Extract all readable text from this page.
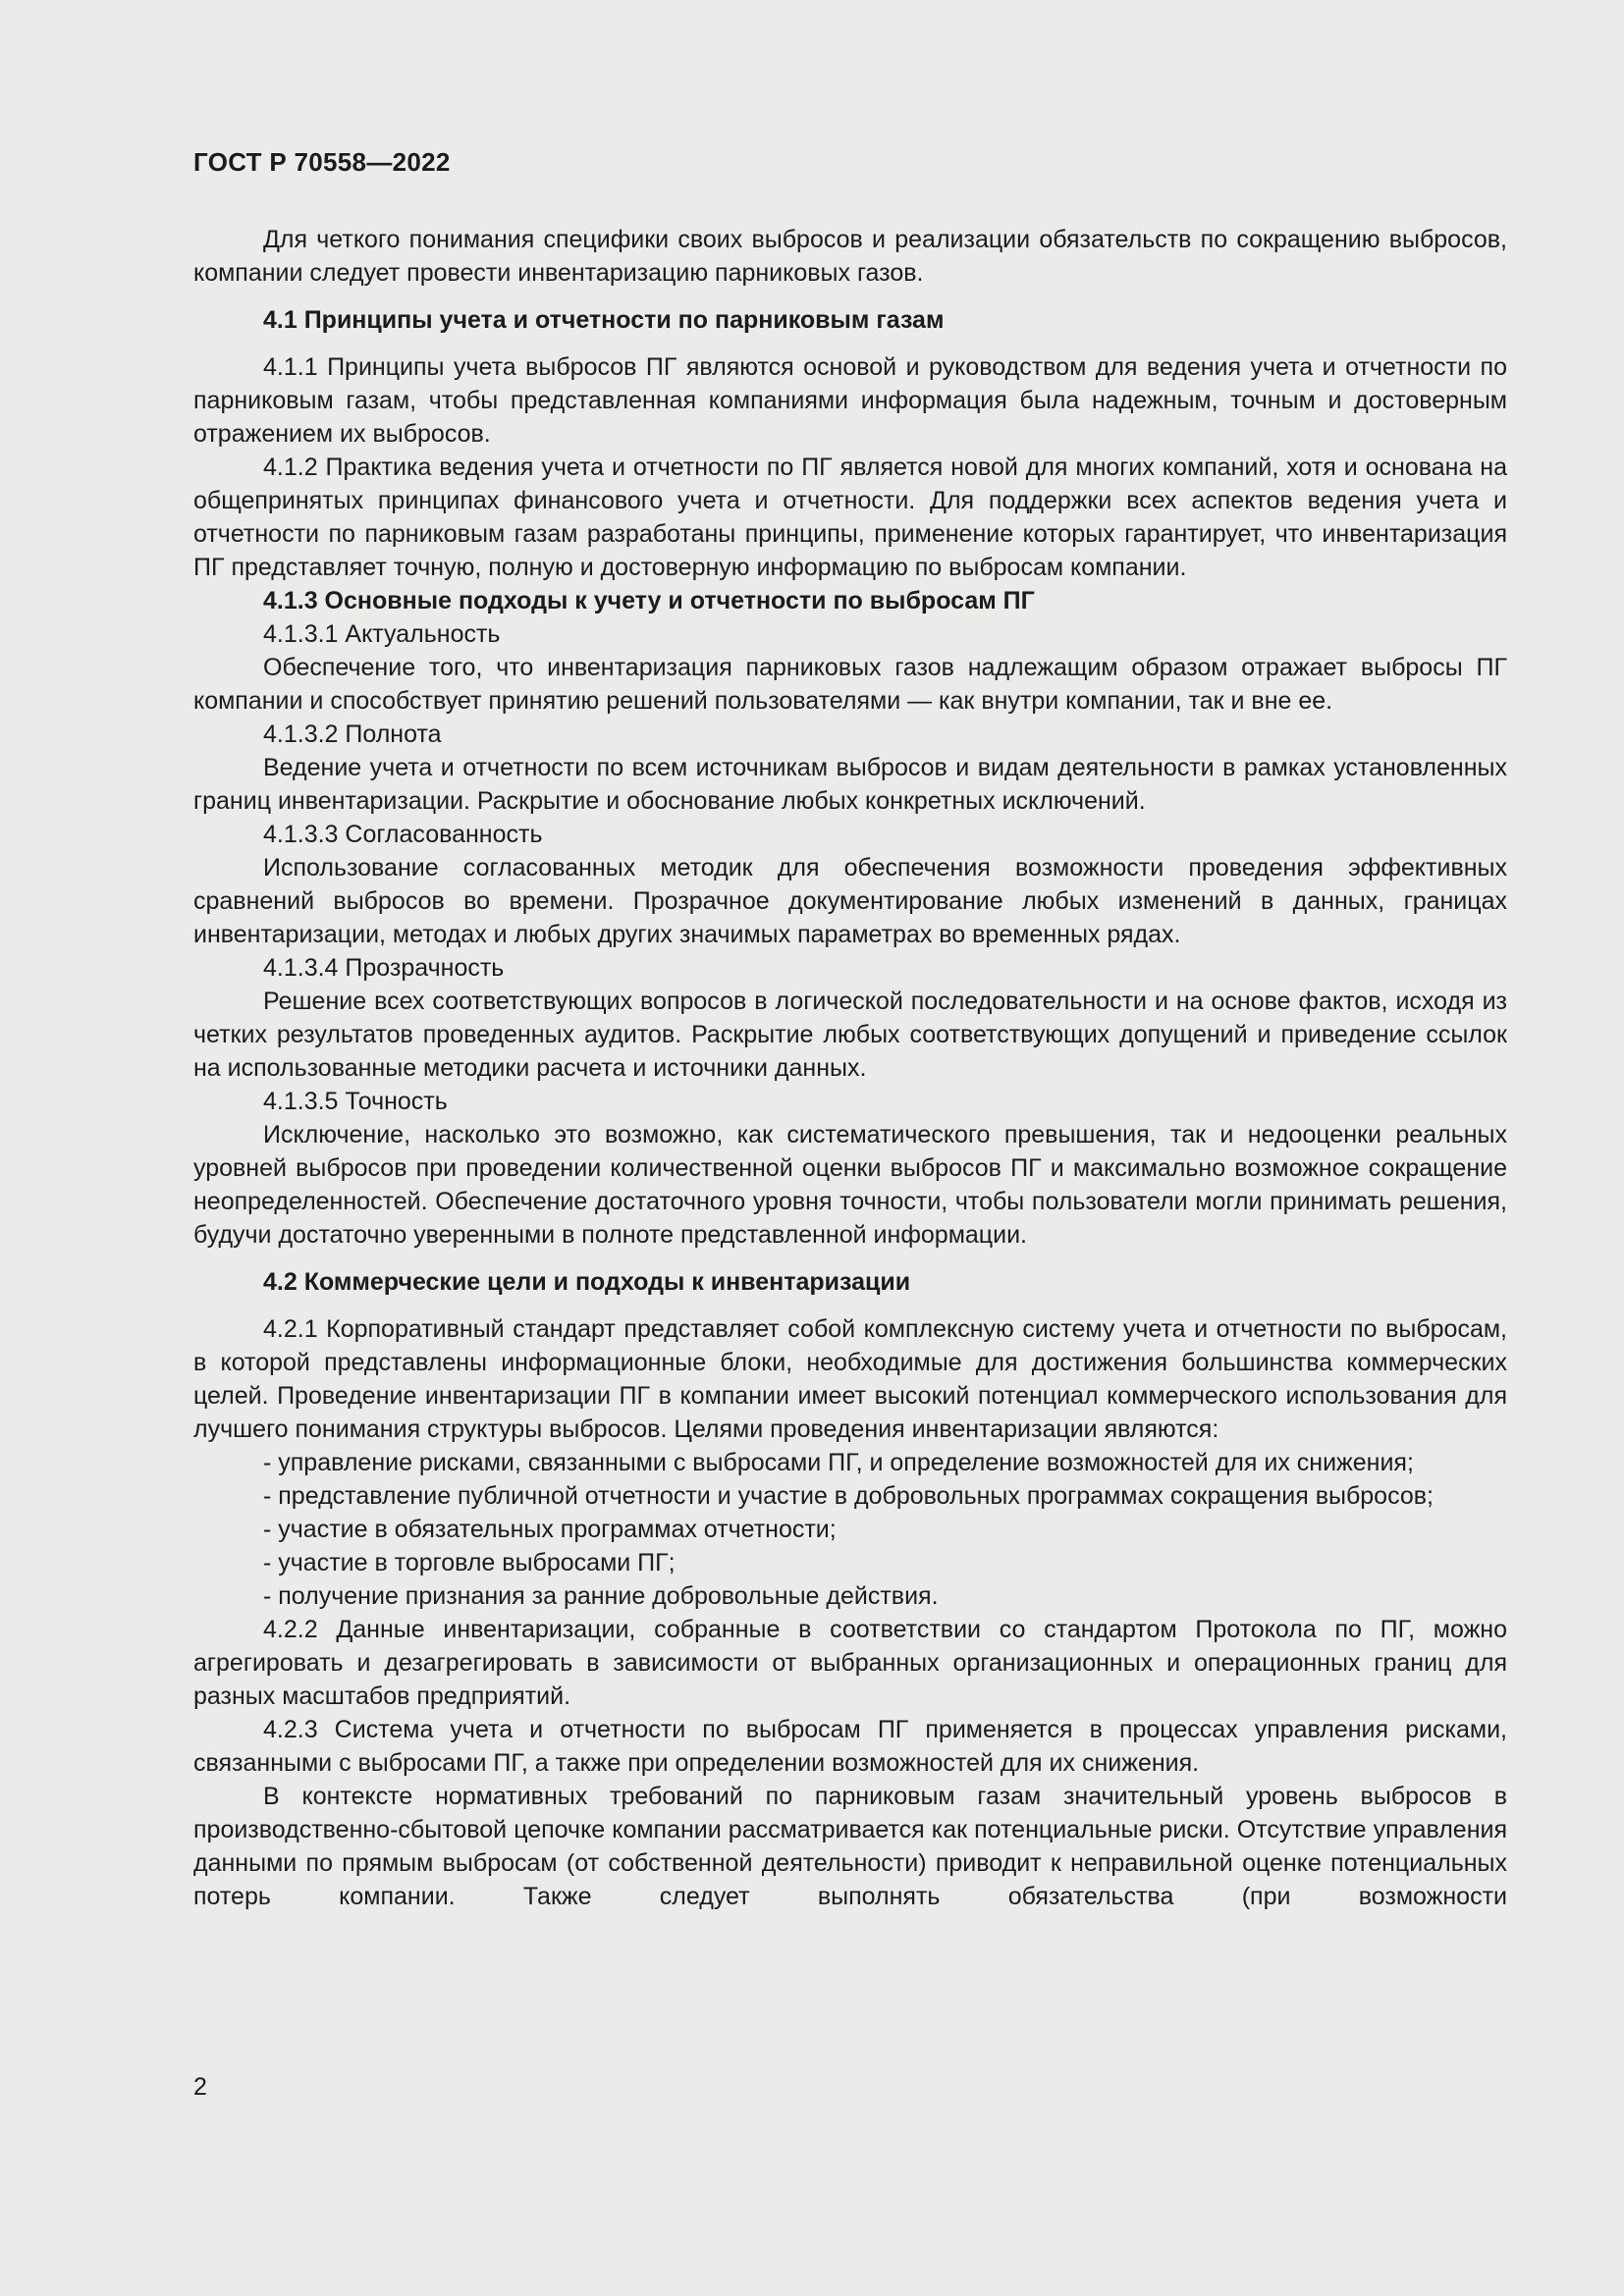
ГОСТ Р 70558—2022

Для четкого понимания специфики своих выбросов и реализации обязательств по сокращению выбросов, компании следует провести инвентаризацию парниковых газов.

4.1 Принципы учета и отчетности по парниковым газам

4.1.1 Принципы учета выбросов ПГ являются основой и руководством для ведения учета и отчетности по парниковым газам, чтобы представленная компаниями информация была надежным, точным и достоверным отражением их выбросов.

4.1.2 Практика ведения учета и отчетности по ПГ является новой для многих компаний, хотя и основана на общепринятых принципах финансового учета и отчетности. Для поддержки всех аспектов ведения учета и отчетности по парниковым газам разработаны принципы, применение которых гарантирует, что инвентаризация ПГ представляет точную, полную и достоверную информацию по выбросам компании.

4.1.3 Основные подходы к учету и отчетности по выбросам ПГ

4.1.3.1 Актуальность

Обеспечение того, что инвентаризация парниковых газов надлежащим образом отражает выбросы ПГ компании и способствует принятию решений пользователями — как внутри компании, так и вне ее.

4.1.3.2 Полнота

Ведение учета и отчетности по всем источникам выбросов и видам деятельности в рамках установленных границ инвентаризации. Раскрытие и обоснование любых конкретных исключений.

4.1.3.3 Согласованность

Использование согласованных методик для обеспечения возможности проведения эффективных сравнений выбросов во времени. Прозрачное документирование любых изменений в данных, границах инвентаризации, методах и любых других значимых параметрах во временных рядах.

4.1.3.4 Прозрачность

Решение всех соответствующих вопросов в логической последовательности и на основе фактов, исходя из четких результатов проведенных аудитов. Раскрытие любых соответствующих допущений и приведение ссылок на использованные методики расчета и источники данных.

4.1.3.5 Точность

Исключение, насколько это возможно, как систематического превышения, так и недооценки реальных уровней выбросов при проведении количественной оценки выбросов ПГ и максимально возможное сокращение неопределенностей. Обеспечение достаточного уровня точности, чтобы пользователи могли принимать решения, будучи достаточно уверенными в полноте представленной информации.

4.2 Коммерческие цели и подходы к инвентаризации

4.2.1 Корпоративный стандарт представляет собой комплексную систему учета и отчетности по выбросам, в которой представлены информационные блоки, необходимые для достижения большинства коммерческих целей. Проведение инвентаризации ПГ в компании имеет высокий потенциал коммерческого использования для лучшего понимания структуры выбросов. Целями проведения инвентаризации являются:

- управление рисками, связанными с выбросами ПГ, и определение возможностей для их снижения;

- представление публичной отчетности и участие в добровольных программах сокращения выбросов;

- участие в обязательных программах отчетности;

- участие в торговле выбросами ПГ;

- получение признания за ранние добровольные действия.

4.2.2 Данные инвентаризации, собранные в соответствии со стандартом Протокола по ПГ, можно агрегировать и дезагрегировать в зависимости от выбранных организационных и операционных границ для разных масштабов предприятий.

4.2.3 Система учета и отчетности по выбросам ПГ применяется в процессах управления рисками, связанными с выбросами ПГ, а также при определении возможностей для их снижения.

В контексте нормативных требований по парниковым газам значительный уровень выбросов в производственно-сбытовой цепочке компании рассматривается как потенциальные риски. Отсутствие управления данными по прямым выбросам (от собственной деятельности) приводит к неправильной оценке потенциальных потерь компании. Также следует выполнять обязательства (при возможности

2
